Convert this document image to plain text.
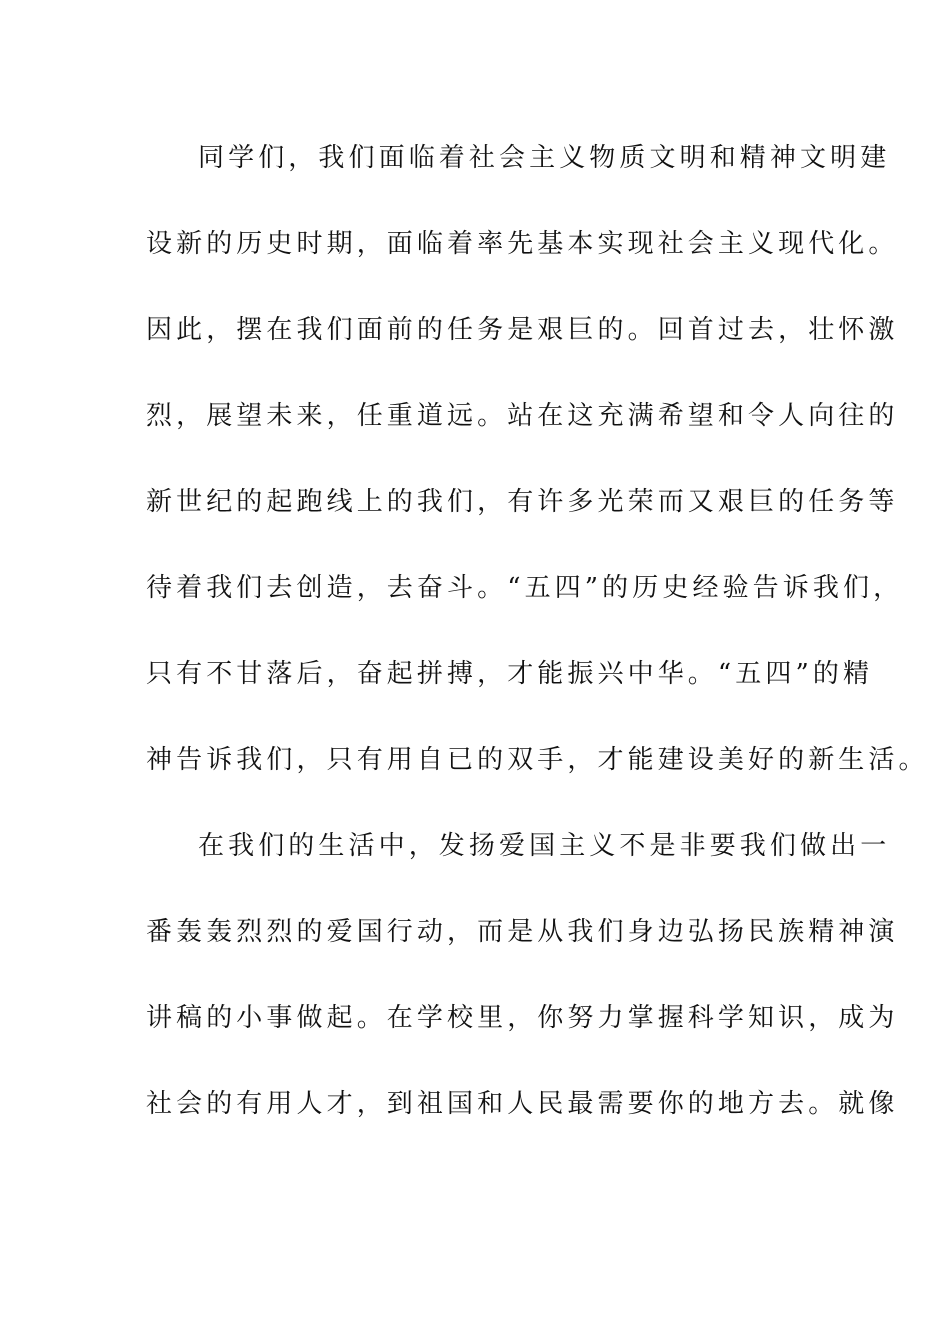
同学们，我们面临着社会主义物质文明和精神文明建
设新的历史时期，面临着率先基本实现社会主义现代化。
因此，摆在我们面前的任务是艰巨的。回首过去，壮怀激
烈，展望未来，任重道远。站在这充满希望和令人向往的
新世纪的起跑线上的我们，有许多光荣而又艰巨的任务等
待着我们去创造，去奋斗。“五四”的历史经验告诉我们，
只有不甘落后，奋起拼搏，才能振兴中华。“五四”的精
神告诉我们，只有用自已的双手，才能建设美好的新生活。
在我们的生活中，发扬爱国主义不是非要我们做出一
番轰轰烈烈的爱国行动，而是从我们身边弘扬民族精神演
讲稿的小事做起。在学校里，你努力掌握科学知识，成为
社会的有用人才，到祖国和人民最需要你的地方去。就像
